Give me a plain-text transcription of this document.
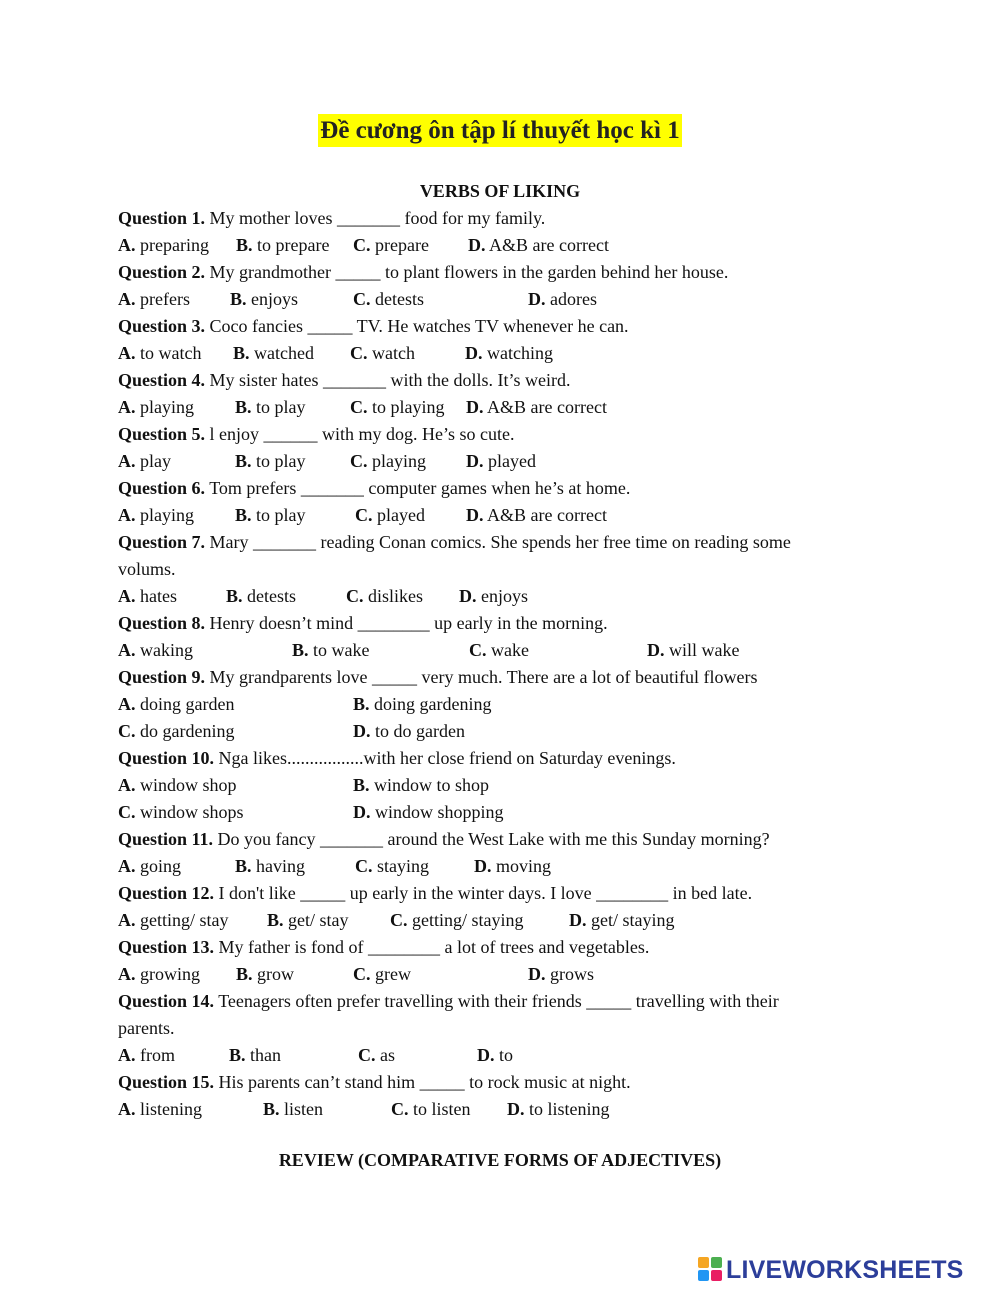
Đề cương ôn tập lí thuyết học kì 1
VERBS OF LIKING
Question 1. My mother loves _______ food for my family.
A. preparing B. to prepare C. prepare D. A&B are correct
Question 2. My grandmother _____ to plant flowers in the garden behind her house.
A. prefers B. enjoys	C. detests	D. adores
Question 3. Coco fancies _____ TV. He watches TV whenever he can.
A. to watch B. watched C. watch	D. watching
Question 4. My sister hates _______ with the dolls. It’s weird.
A. playing B. to play C. to playing D. A&B are correct
Question 5. l enjoy ______ with my dog. He’s so cute.
A. play	B. to play C. playing D. played
Question 6. Tom prefers _______ computer games when he’s at home.
A. playing B. to play	C. played D. A&B are correct
Question 7. Mary _______ reading Conan comics. She spends her free time on reading some
volums.
A. hates	B. detests	C. dislikes D. enjoys
Question 8. Henry doesn’t mind ________ up early in the morning.
A. waking	B. to wake	C. wake	D. will wake
Question 9. My grandparents love _____ very much. There are a lot of beautiful flowers
A. doing garden	B. doing gardening
C. do gardening	D. to do garden
Question 10. Nga likes.................with her close friend on Saturday evenings.
A. window shop	B. window to shop
C. window shops	D. window shopping
Question 11. Do you fancy _______ around the West Lake with me this Sunday morning?
A. going	B. having	C. staying	D. moving
Question 12. I don't like _____ up early in the winter days. I love ________ in bed late.
A. getting/ stay B. get/ stay C. getting/ staying	D. get/ staying
Question 13. My father is fond of ________ a lot of trees and vegetables.
A. growing B. grow	C. grew	D. grows
Question 14. Teenagers often prefer travelling with their friends _____ travelling with their
parents.
A. from	B. than	C. as	D. to
Question 15. His parents can’t stand him _____ to rock music at night.
A. listening	B. listen	C. to listen D. to listening
REVIEW (COMPARATIVE FORMS OF ADJECTIVES)
LIVEWORKSHEETS
